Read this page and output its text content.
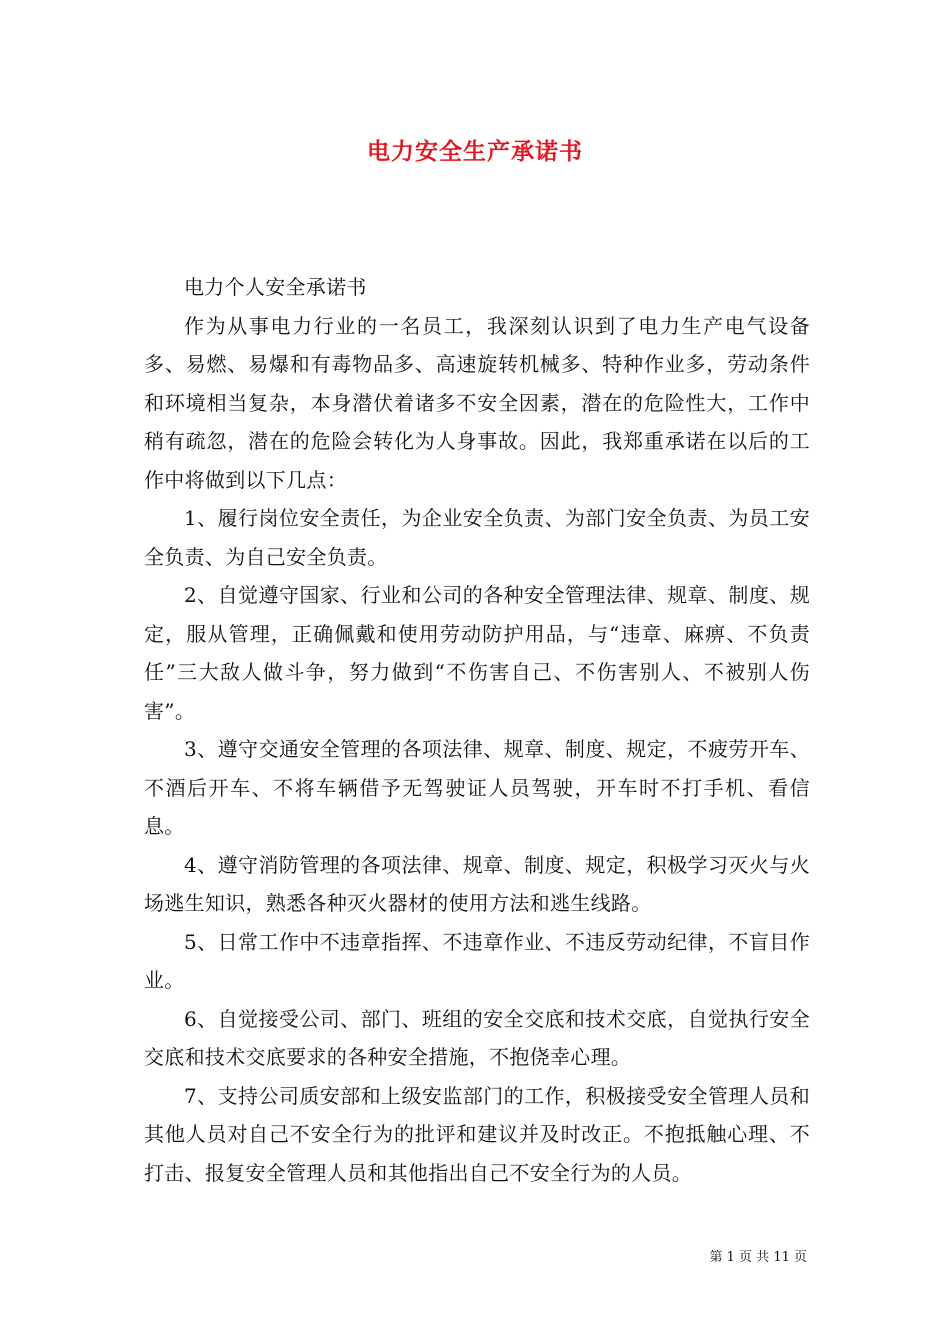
电力安全生产承诺书

电力个人安全承诺书

作为从事电力行业的一名员工，我深刻认识到了电力生产电气设备多、易燃、易爆和有毒物品多、高速旋转机械多、特种作业多，劳动条件和环境相当复杂，本身潜伏着诸多不安全因素，潜在的危险性大，工作中稍有疏忽，潜在的危险会转化为人身事故。因此，我郑重承诺在以后的工作中将做到以下几点：

1、履行岗位安全责任，为企业安全负责、为部门安全负责、为员工安全负责、为自己安全负责。

2、自觉遵守国家、行业和公司的各种安全管理法律、规章、制度、规定，服从管理，正确佩戴和使用劳动防护用品，与“违章、麻痹、不负责任”三大敌人做斗争，努力做到“不伤害自己、不伤害别人、不被别人伤害”。

3、遵守交通安全管理的各项法律、规章、制度、规定，不疲劳开车、不酒后开车、不将车辆借予无驾驶证人员驾驶，开车时不打手机、看信息。

4、遵守消防管理的各项法律、规章、制度、规定，积极学习灭火与火场逃生知识，熟悉各种灭火器材的使用方法和逃生线路。

5、日常工作中不违章指挥、不违章作业、不违反劳动纪律，不盲目作业。

6、自觉接受公司、部门、班组的安全交底和技术交底，自觉执行安全交底和技术交底要求的各种安全措施，不抱侥幸心理。

7、支持公司质安部和上级安监部门的工作，积极接受安全管理人员和其他人员对自己不安全行为的批评和建议并及时改正。不抱抵触心理、不打击、报复安全管理人员和其他指出自己不安全行为的人员。

第 1 页 共 11 页
